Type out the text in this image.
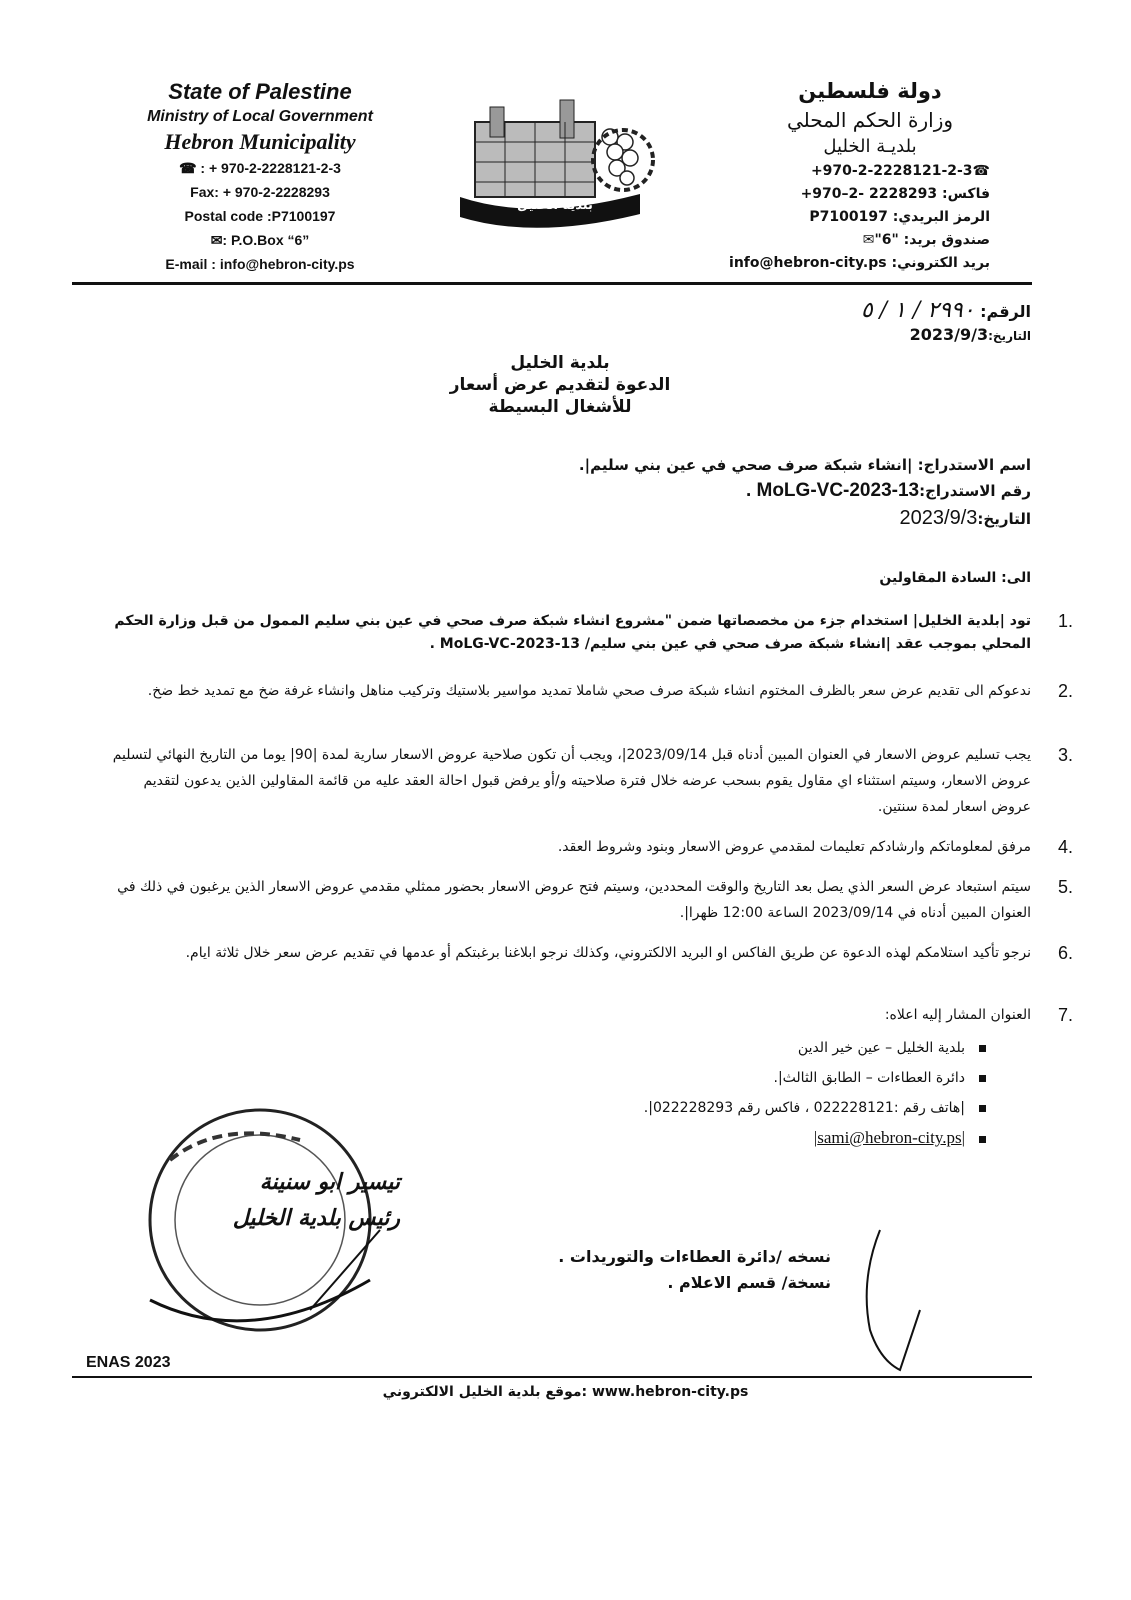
State of Palestine
Ministry of Local Government
Hebron Municipality
☎ : + 970-2-2228121-2-3
Fax: + 970-2-2228293
Postal code :P7100197
✉: P.O.Box “6”
E-mail : info@hebron-city.ps
بلدية الخليل
دولة فلسطين
وزارة الحكم المحلي
بلديـة الخليل
☎+970-2-2228121-2-3
فاكس: 2228293 -2–970+
الرمز البريدي: P7100197
صندوق بريد: "6"✉
بريد الكتروني: info@hebron-city.ps
الرقم: ٢٩٩٠ / ١ / ٥
التاريخ:2023/9/3
بلدية الخليل
الدعوة لتقديم عرض أسعار
للأشغال البسيطة
اسم الاستدراج: |انشاء شبكة صرف صحي في عين بني سليم|.
رقم الاستدراج:MoLG-VC-2023-13 .
التاريخ:2023/9/3
الى: السادة المقاولين
1.
تود |بلدية الخليل| استخدام جزء من مخصصاتها ضمن "مشروع انشاء شبكة صرف صحي في عين بني سليم الممول من قبل وزارة الحكم المحلي بموجب عقد |انشاء شبكة صرف صحي في عين بني سليم/ MoLG-VC-2023-13 .
2.
ندعوكم الى تقديم عرض سعر بالظرف المختوم انشاء شبكة صرف صحي شاملا تمديد مواسير بلاستيك وتركيب مناهل وانشاء غرفة ضخ مع تمديد خط ضخ.
3.
يجب تسليم عروض الاسعار في العنوان المبين أدناه قبل 2023/09/14|، ويجب أن تكون صلاحية عروض الاسعار سارية لمدة |90| يوما من التاريخ النهائي لتسليم عروض الاسعار، وسيتم استثناء اي مقاول يقوم بسحب عرضه خلال فترة صلاحيته و/أو يرفض قبول احالة العقد عليه من قائمة المقاولين الذين يدعون لتقديم عروض اسعار لمدة سنتين.
4.
مرفق لمعلوماتكم وارشادكم تعليمات لمقدمي عروض الاسعار وبنود وشروط العقد.
5.
سيتم استبعاد عرض السعر الذي يصل بعد التاريخ والوقت المحددين، وسيتم فتح عروض الاسعار بحضور ممثلي مقدمي عروض الاسعار الذين يرغبون في ذلك في العنوان المبين أدناه في 2023/09/14 الساعة 12:00 ظهرا|.
6.
نرجو تأكيد استلامكم لهذه الدعوة عن طريق الفاكس او البريد الالكتروني، وكذلك نرجو ابلاغنا برغبتكم أو عدمها في تقديم عرض سعر خلال ثلاثة ايام.
7.
العنوان المشار إليه اعلاه:
بلدية الخليل – عين خير الدين
دائرة العطاءات – الطابق الثالث|.
|هاتف رقم :022228121 ، فاكس رقم 022228293|.
|sami@hebron-city.ps|
تيسير ابو سنينة
رئيس بلدية الخليل
نسخه /دائرة العطاءات والتوريدات .
نسخة/ قسم الاعلام .
ENAS 2023
موقع بلدية الخليل الالكتروني: www.hebron-city.ps
